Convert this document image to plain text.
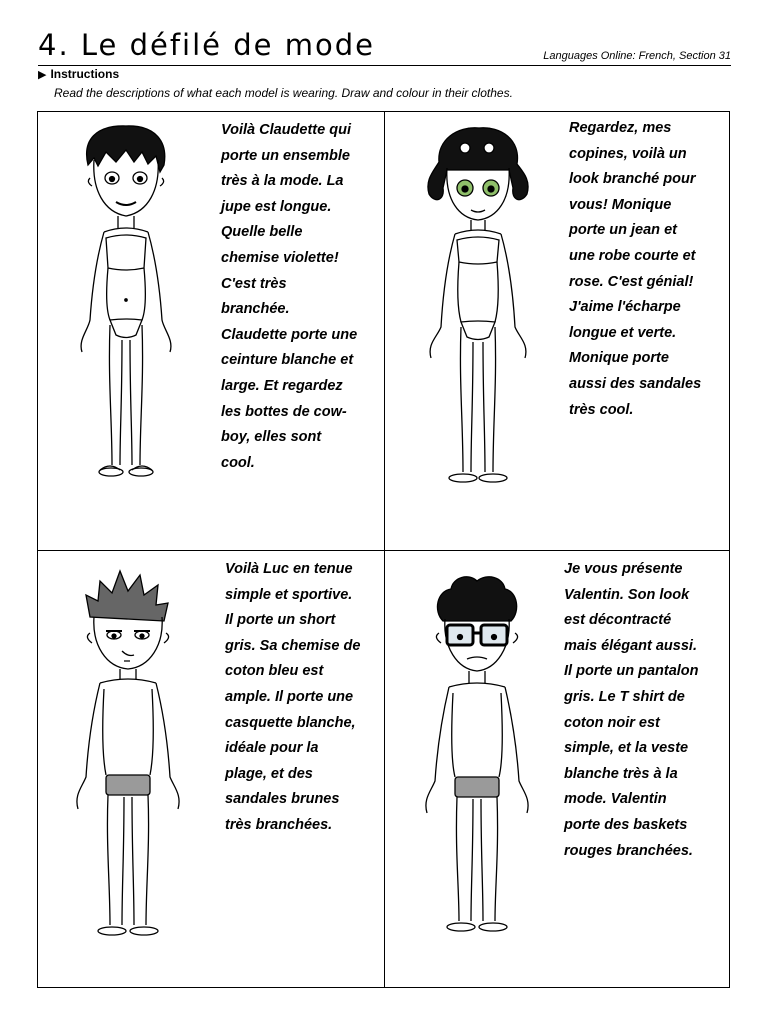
4. Le défilé de mode	Languages Online: French, Section 31
▶ Instructions
Read the descriptions of what each model is wearing. Draw and colour in their clothes.
Voilà Claudette qui
porte un ensemble
très à la mode. La
jupe est longue.
Quelle belle
chemise violette!
C'est très
branchée.
Claudette porte une
ceinture blanche et
large. Et regardez
les bottes de cow-
boy, elles sont
cool.
Regardez, mes
copines, voilà un
look branché pour
vous! Monique
porte un jean et
une robe courte et
rose. C'est génial!
J'aime l'écharpe
longue et verte.
Monique porte
aussi des sandales
très cool.
Voilà Luc en tenue
simple et sportive.
Il porte un short
gris. Sa chemise de
coton bleu est
ample. Il porte une
casquette blanche,
idéale pour la
plage, et des
sandales brunes
très branchées.
Je vous présente
Valentin. Son look
est décontracté
mais élégant aussi.
Il porte un pantalon
gris. Le T shirt de
coton noir est
simple, et la veste
blanche très à la
mode. Valentin
porte des baskets
rouges branchées.
